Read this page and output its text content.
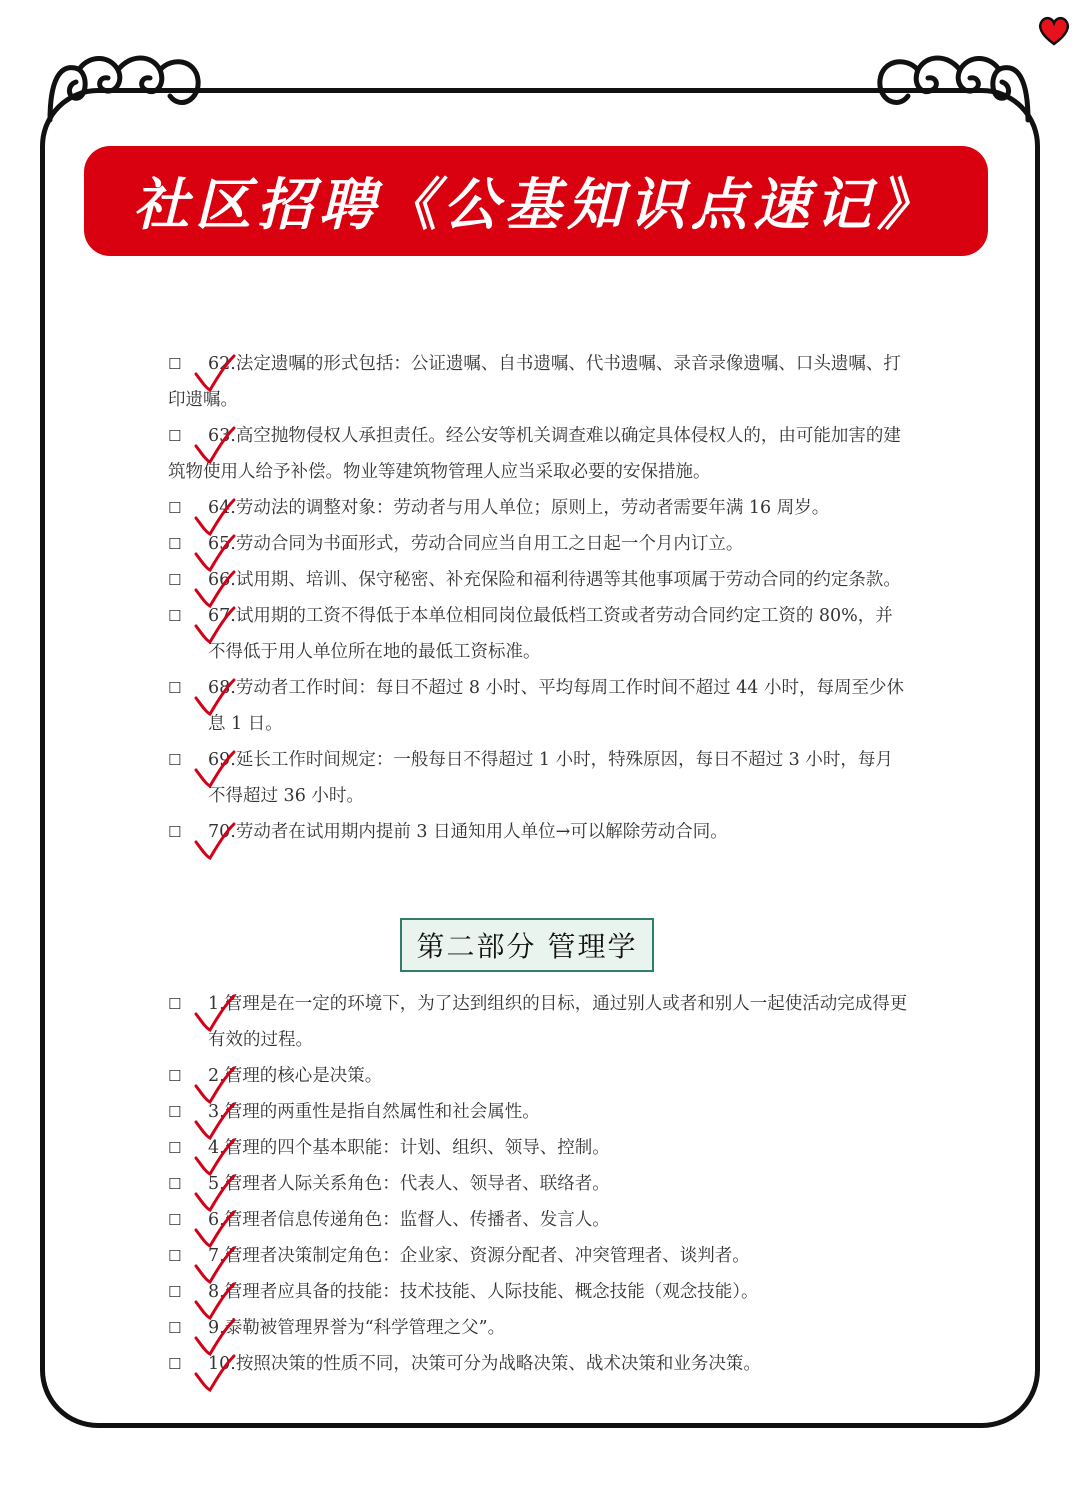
社区招聘《公基知识点速记》
☐	62.法定遗嘱的形式包括：公证遗嘱、自书遗嘱、代书遗嘱、录音录像遗嘱、口头遗嘱、打印遗嘱。
☐	63.高空抛物侵权人承担责任。经公安等机关调查难以确定具体侵权人的，由可能加害的建筑物使用人给予补偿。物业等建筑物管理人应当采取必要的安保措施。
☐	64.劳动法的调整对象：劳动者与用人单位；原则上，劳动者需要年满 16 周岁。
☐	65.劳动合同为书面形式，劳动合同应当自用工之日起一个月内订立。
☐	66.试用期、培训、保守秘密、补充保险和福利待遇等其他事项属于劳动合同的约定条款。
☐	67.试用期的工资不得低于本单位相同岗位最低档工资或者劳动合同约定工资的 80%，并不得低于用人单位所在地的最低工资标准。
☐	68.劳动者工作时间：每日不超过 8 小时、平均每周工作时间不超过 44 小时，每周至少休息 1 日。
☐	69.延长工作时间规定：一般每日不得超过 1 小时，特殊原因，每日不超过 3 小时，每月不得超过 36 小时。
☐	70.劳动者在试用期内提前 3 日通知用人单位→可以解除劳动合同。
第二部分 管理学
☐	1.管理是在一定的环境下，为了达到组织的目标，通过别人或者和别人一起使活动完成得更有效的过程。
☐	2.管理的核心是决策。
☐	3.管理的两重性是指自然属性和社会属性。
☐	4.管理的四个基本职能：计划、组织、领导、控制。
☐	5.管理者人际关系角色：代表人、领导者、联络者。
☐	6.管理者信息传递角色：监督人、传播者、发言人。
☐	7.管理者决策制定角色：企业家、资源分配者、冲突管理者、谈判者。
☐	8.管理者应具备的技能：技术技能、人际技能、概念技能（观念技能）。
☐	9.泰勒被管理界誉为“科学管理之父”。
☐	10.按照决策的性质不同，决策可分为战略决策、战术决策和业务决策。
